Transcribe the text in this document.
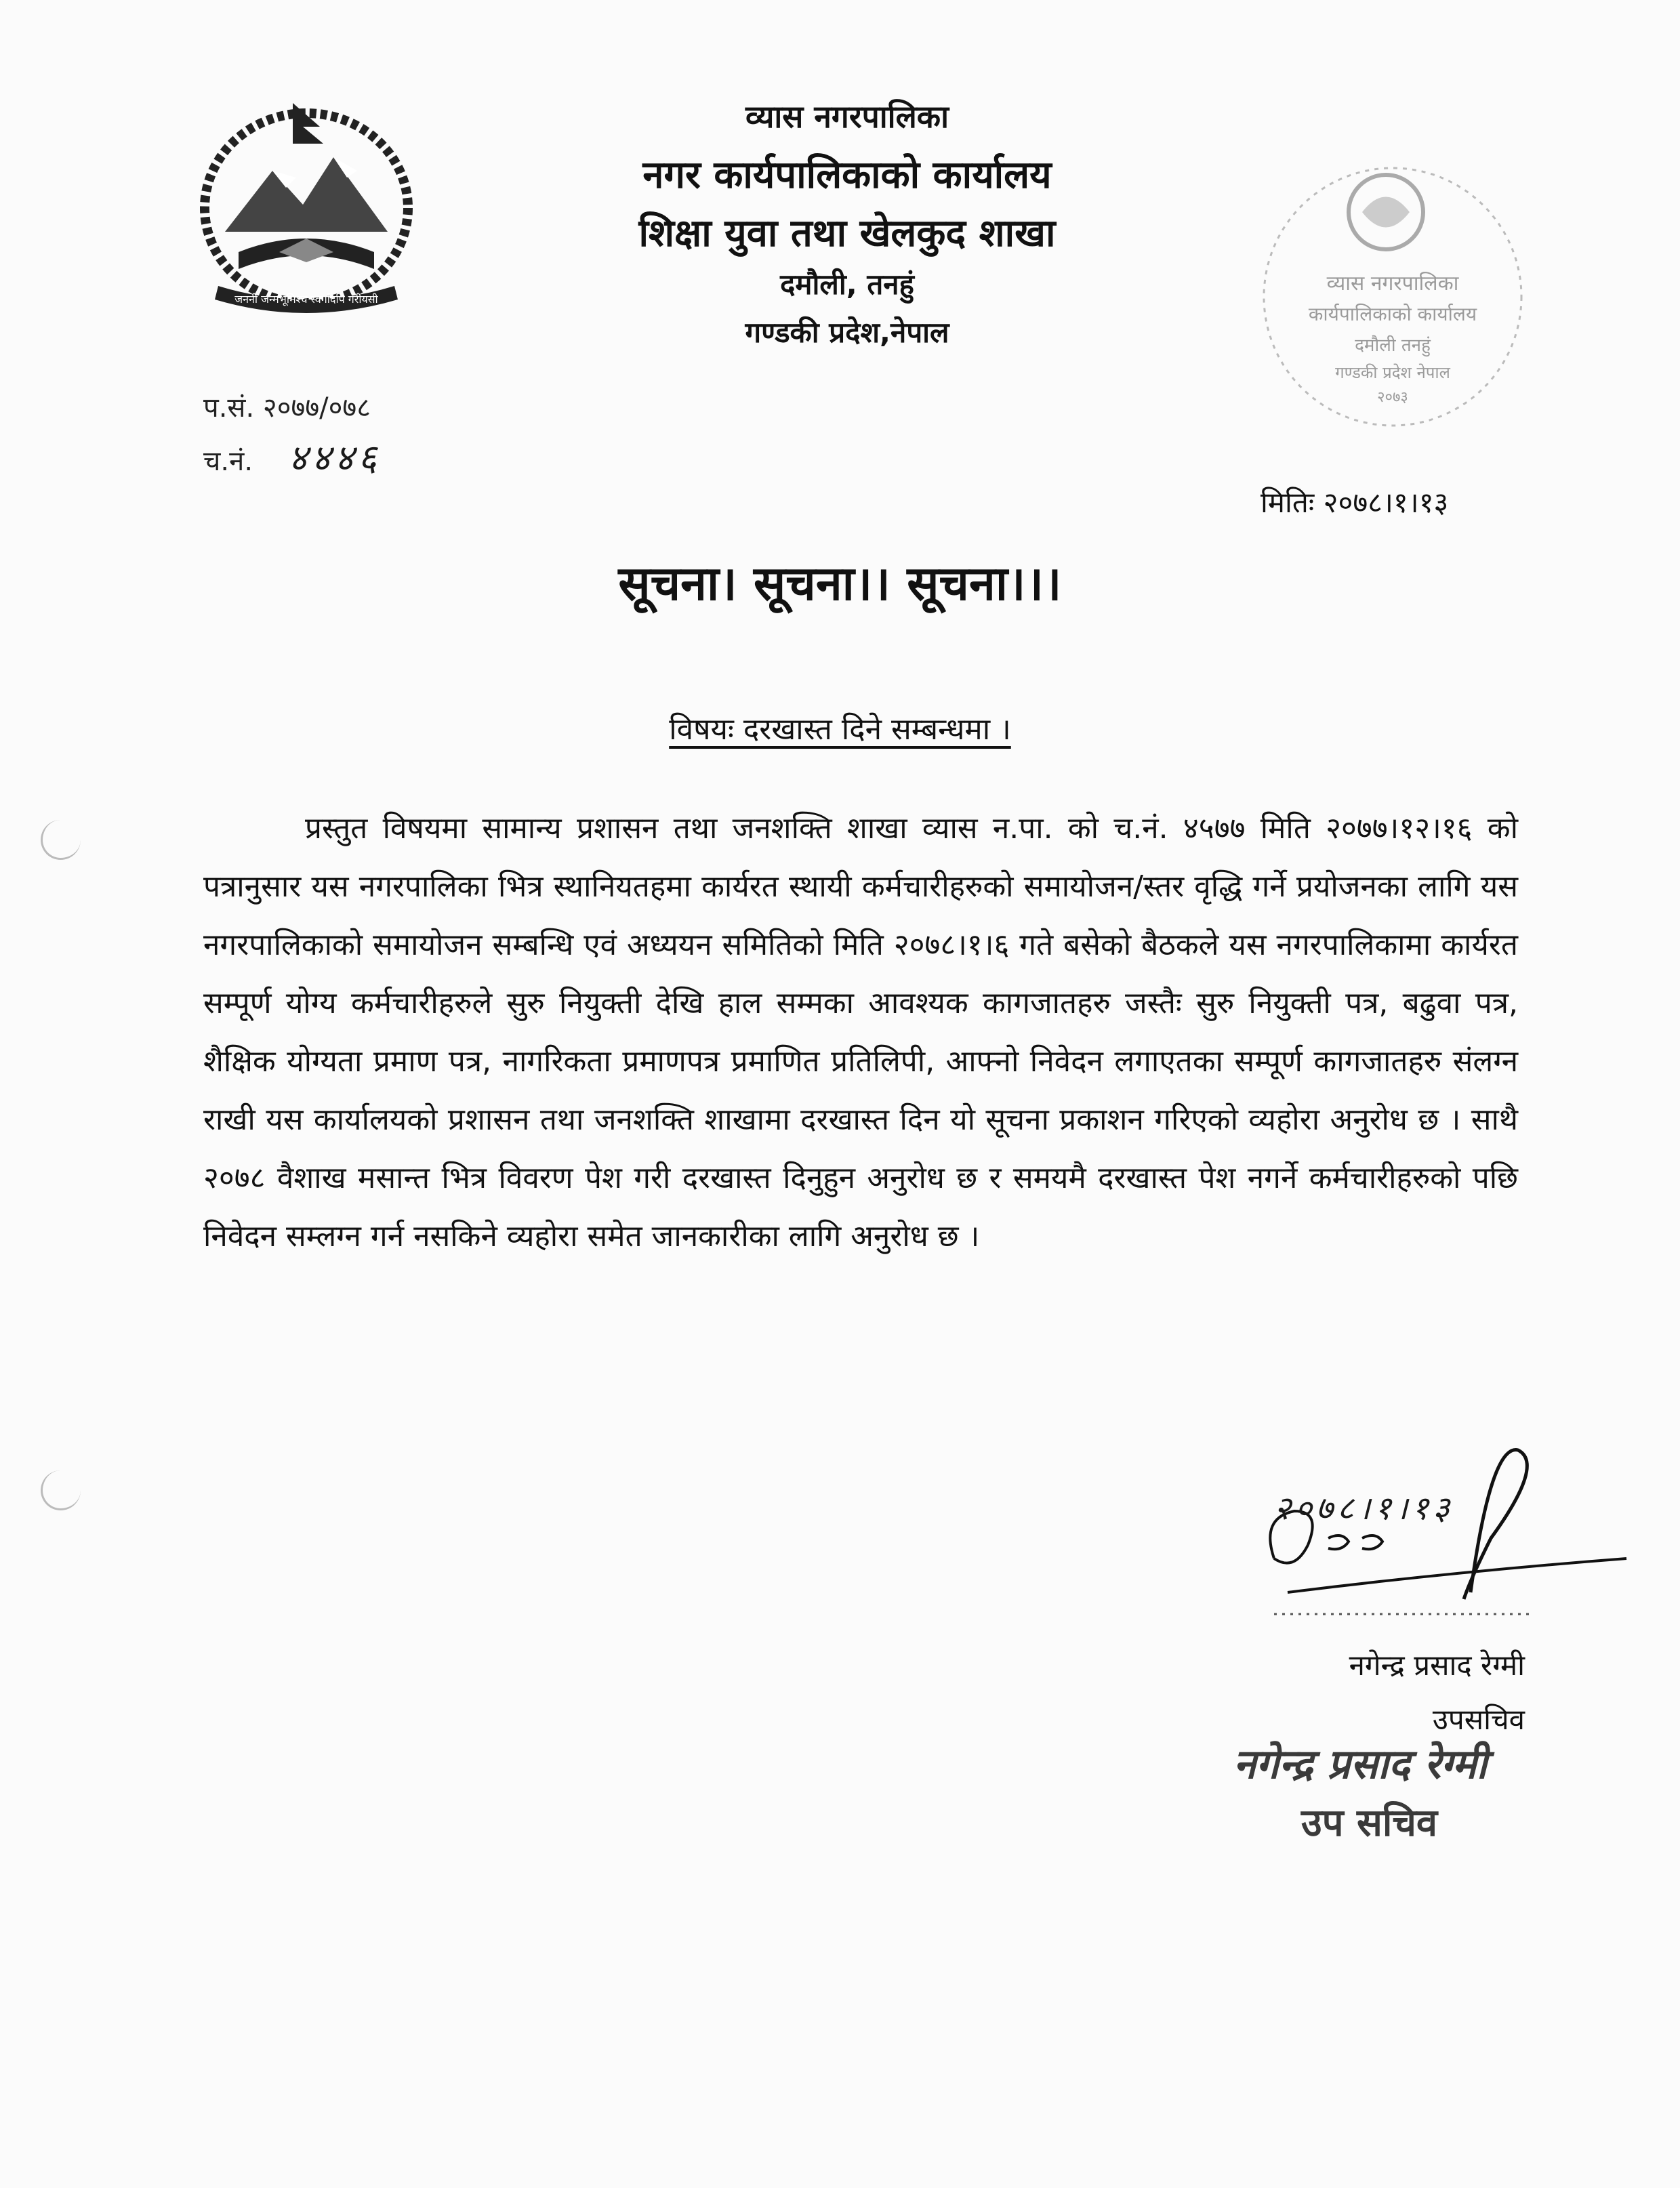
जननी जन्मभूमिश्च स्वर्गादपि गरीयसी
व्यास नगरपालिका
नगर कार्यपालिकाको कार्यालय
शिक्षा युवा तथा खेलकुद शाखा
दमौली, तनहुं
गण्डकी प्रदेश,नेपाल
व्यास नगरपालिका
कार्यपालिकाको कार्यालय
दमौली तनहुं
गण्डकी प्रदेश नेपाल
२०७३
प.सं. २०७७/०७८
च.नं. ४४४६
मितिः २०७८।१।१३
सूचना। सूचना।। सूचना।।।
विषयः दरखास्त दिने सम्बन्धमा ।
प्रस्तुत विषयमा सामान्य प्रशासन तथा जनशक्ति शाखा व्यास न.पा. को च.नं. ४५७७ मिति २०७७।१२।१६ को पत्रानुसार यस नगरपालिका भित्र स्थानियतहमा कार्यरत स्थायी कर्मचारीहरुको समायोजन/स्तर वृद्धि गर्ने प्रयोजनका लागि यस नगरपालिकाको समायोजन सम्बन्धि एवं अध्ययन समितिको मिति २०७८।१।६ गते बसेको बैठकले यस नगरपालिकामा कार्यरत सम्पूर्ण योग्य कर्मचारीहरुले सुरु नियुक्ती देखि हाल सम्मका आवश्यक कागजातहरु जस्तैः सुरु नियुक्ती पत्र, बढुवा पत्र, शैक्षिक योग्यता प्रमाण पत्र, नागरिकता प्रमाणपत्र प्रमाणित प्रतिलिपी, आफ्नो निवेदन लगाएतका सम्पूर्ण कागजातहरु संलग्न राखी यस कार्यालयको प्रशासन तथा जनशक्ति शाखामा दरखास्त दिन यो सूचना प्रकाशन गरिएको व्यहोरा अनुरोध छ । साथै २०७८ वैशाख मसान्त भित्र विवरण पेश गरी दरखास्त दिनुहुन अनुरोध छ र समयमै दरखास्त पेश नगर्ने कर्मचारीहरुको पछि निवेदन सम्लग्न गर्न नसकिने व्यहोरा समेत जानकारीका लागि अनुरोध छ ।
२०७८।१।१३
नगेन्द्र प्रसाद रेग्मी
उपसचिव
नगेन्द्र प्रसाद रेग्मी
उप सचिव
